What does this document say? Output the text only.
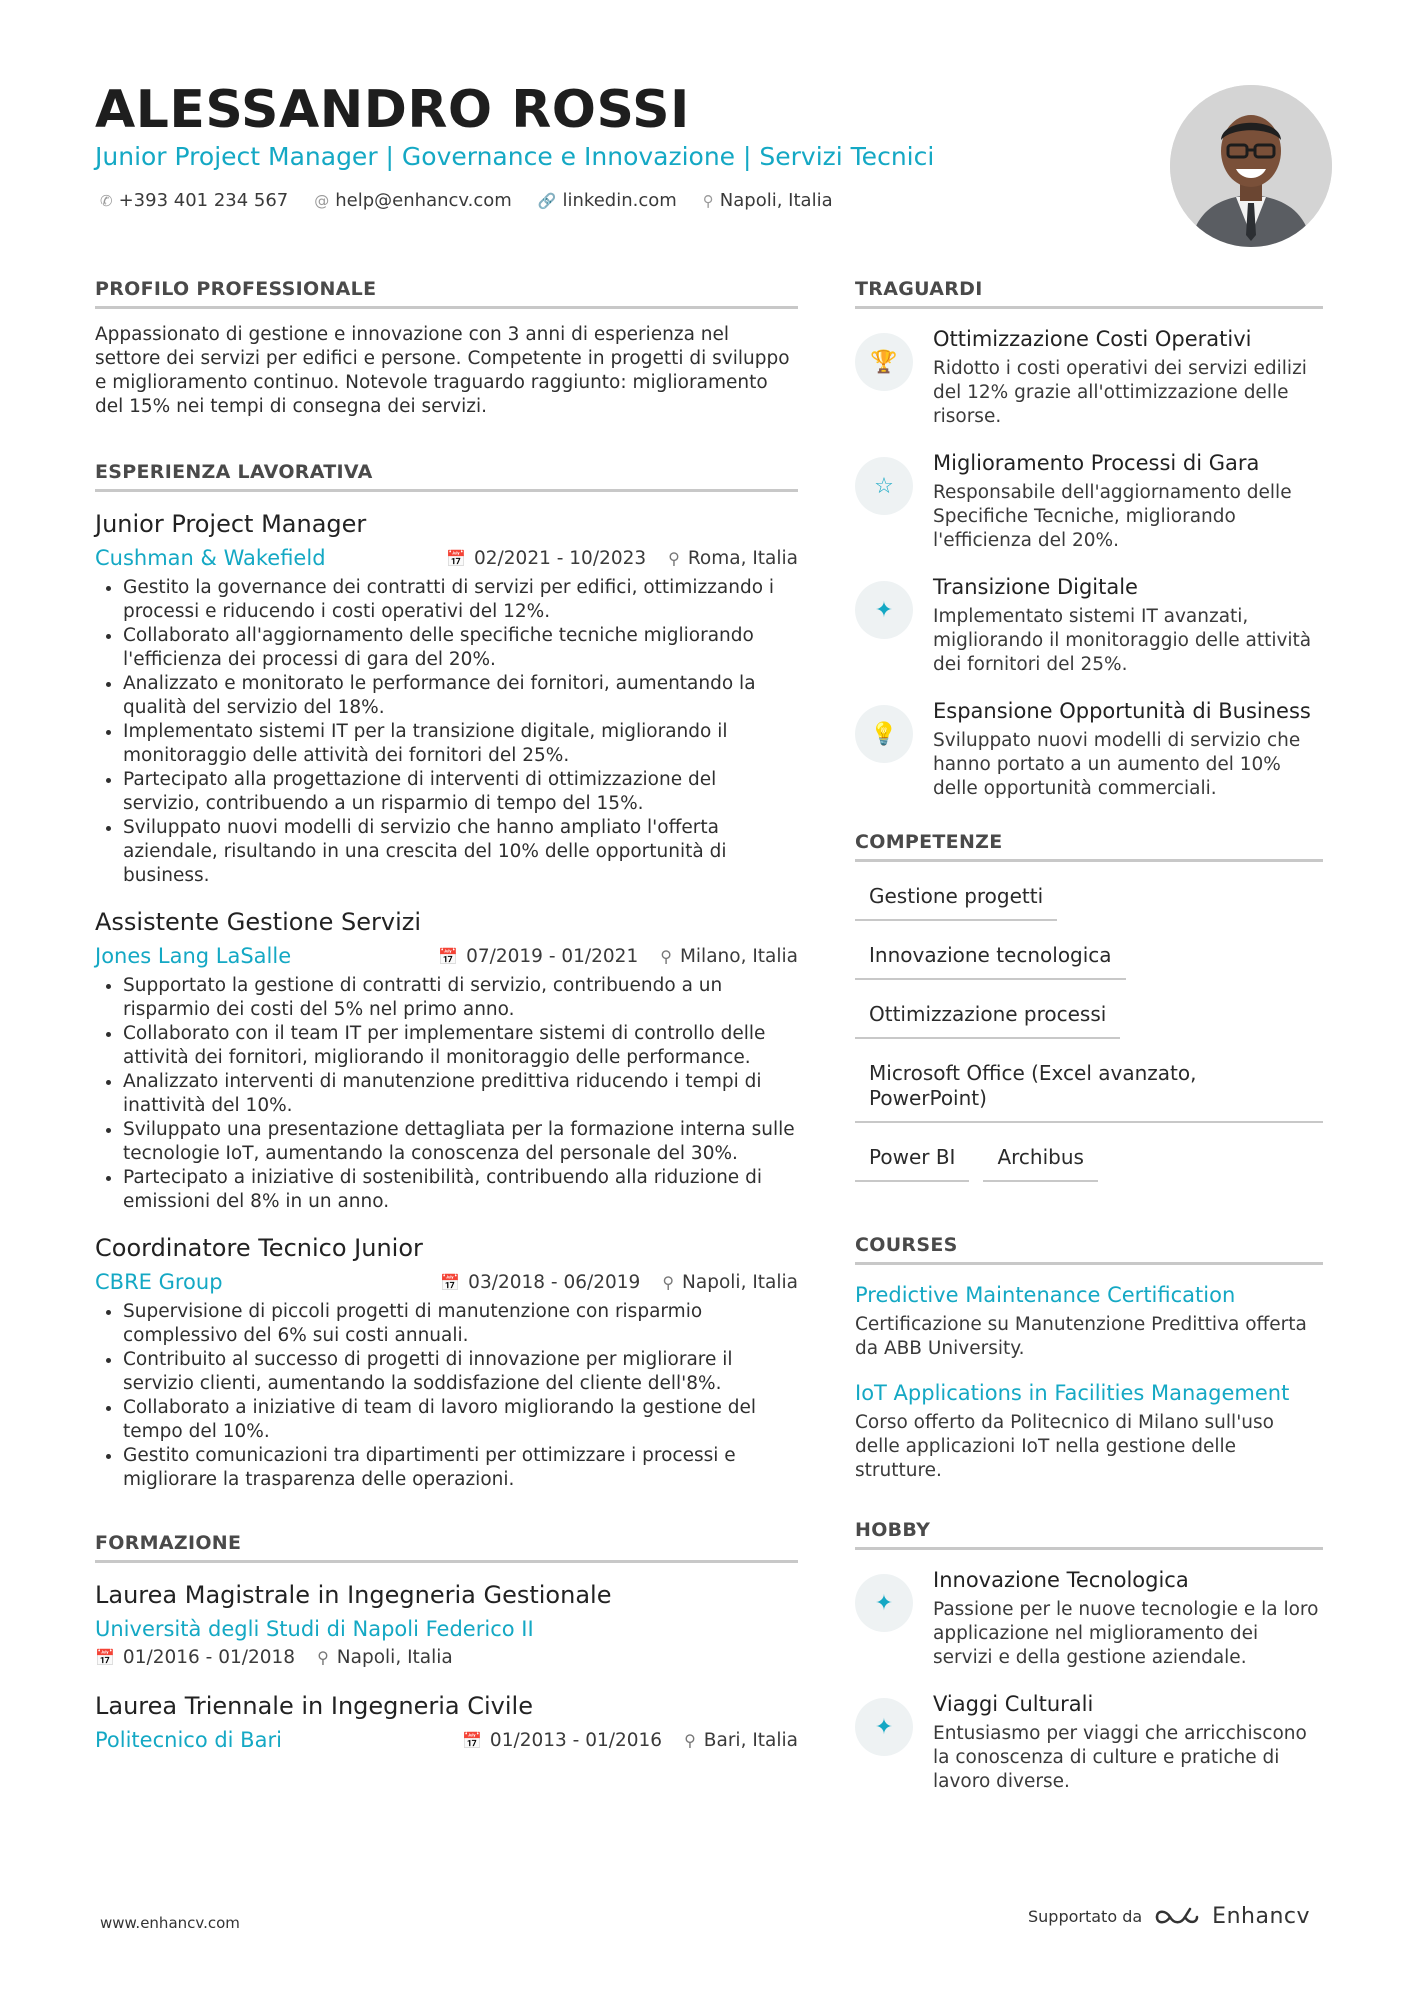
ALESSANDRO ROSSI
Junior Project Manager | Governance e Innovazione | Servizi Tecnici
✆ +393 401 234 567 @ help@enhancv.com 🔗 linkedin.com ⚲ Napoli, Italia
PROFILO PROFESSIONALE

Appassionato di gestione e innovazione con 3 anni di esperienza nel settore dei servizi per edifici e persone. Competente in progetti di sviluppo e miglioramento continuo. Notevole traguardo raggiunto: miglioramento del 15% nei tempi di consegna dei servizi.

ESPERIENZA LAVORATIVA
Junior Project Manager
Cushman & Wakefield	📅 02/2021 - 10/2023 ⚲ Roma, Italia
• Gestito la governance dei contratti di servizi per edifici, ottimizzando i processi e riducendo i costi operativi del 12%.
• Collaborato all'aggiornamento delle specifiche tecniche migliorando l'efficienza dei processi di gara del 20%.
• Analizzato e monitorato le performance dei fornitori, aumentando la qualità del servizio del 18%.
• Implementato sistemi IT per la transizione digitale, migliorando il monitoraggio delle attività dei fornitori del 25%.
• Partecipato alla progettazione di interventi di ottimizzazione del servizio, contribuendo a un risparmio di tempo del 15%.
• Sviluppato nuovi modelli di servizio che hanno ampliato l'offerta aziendale, risultando in una crescita del 10% delle opportunità di business.
Assistente Gestione Servizi
Jones Lang LaSalle	📅 07/2019 - 01/2021 ⚲ Milano, Italia
• Supportato la gestione di contratti di servizio, contribuendo a un risparmio dei costi del 5% nel primo anno.
• Collaborato con il team IT per implementare sistemi di controllo delle attività dei fornitori, migliorando il monitoraggio delle performance.
• Analizzato interventi di manutenzione predittiva riducendo i tempi di inattività del 10%.
• Sviluppato una presentazione dettagliata per la formazione interna sulle tecnologie IoT, aumentando la conoscenza del personale del 30%.
• Partecipato a iniziative di sostenibilità, contribuendo alla riduzione di emissioni del 8% in un anno.
Coordinatore Tecnico Junior
CBRE Group	📅 03/2018 - 06/2019 ⚲ Napoli, Italia
• Supervisione di piccoli progetti di manutenzione con risparmio complessivo del 6% sui costi annuali.
• Contribuito al successo di progetti di innovazione per migliorare il servizio clienti, aumentando la soddisfazione del cliente dell'8%.
• Collaborato a iniziative di team di lavoro migliorando la gestione del tempo del 10%.
• Gestito comunicazioni tra dipartimenti per ottimizzare i processi e migliorare la trasparenza delle operazioni.
FORMAZIONE
Laurea Magistrale in Ingegneria Gestionale
Università degli Studi di Napoli Federico II
📅 01/2016 - 01/2018 ⚲ Napoli, Italia
Laurea Triennale in Ingegneria Civile
Politecnico di Bari	📅 01/2013 - 01/2016 ⚲ Bari, Italia
TRAGUARDI
🏆
Ottimizzazione Costi Operativi
Ridotto i costi operativi dei servizi edilizi del 12% grazie all'ottimizzazione delle risorse.
☆
Miglioramento Processi di Gara
Responsabile dell'aggiornamento delle Specifiche Tecniche, migliorando l'efficienza del 20%.
✦
Transizione Digitale
Implementato sistemi IT avanzati, migliorando il monitoraggio delle attività dei fornitori del 25%.
💡
Espansione Opportunità di Business
Sviluppato nuovi modelli di servizio che hanno portato a un aumento del 10% delle opportunità commerciali.
COMPETENZE
Gestione progetti
Innovazione tecnologica
Ottimizzazione processi
Microsoft Office (Excel avanzato, PowerPoint)
Power BI	Archibus
COURSES
Predictive Maintenance Certification
Certificazione su Manutenzione Predittiva offerta da ABB University.
IoT Applications in Facilities Management
Corso offerto da Politecnico di Milano sull'uso delle applicazioni IoT nella gestione delle strutture.
HOBBY
✦
Innovazione Tecnologica
Passione per le nuove tecnologie e la loro applicazione nel miglioramento dei servizi e della gestione aziendale.
✦
Viaggi Culturali
Entusiasmo per viaggi che arricchiscono la conoscenza di culture e pratiche di lavoro diverse.
www.enhancv.com	Supportato da	Enhancv
